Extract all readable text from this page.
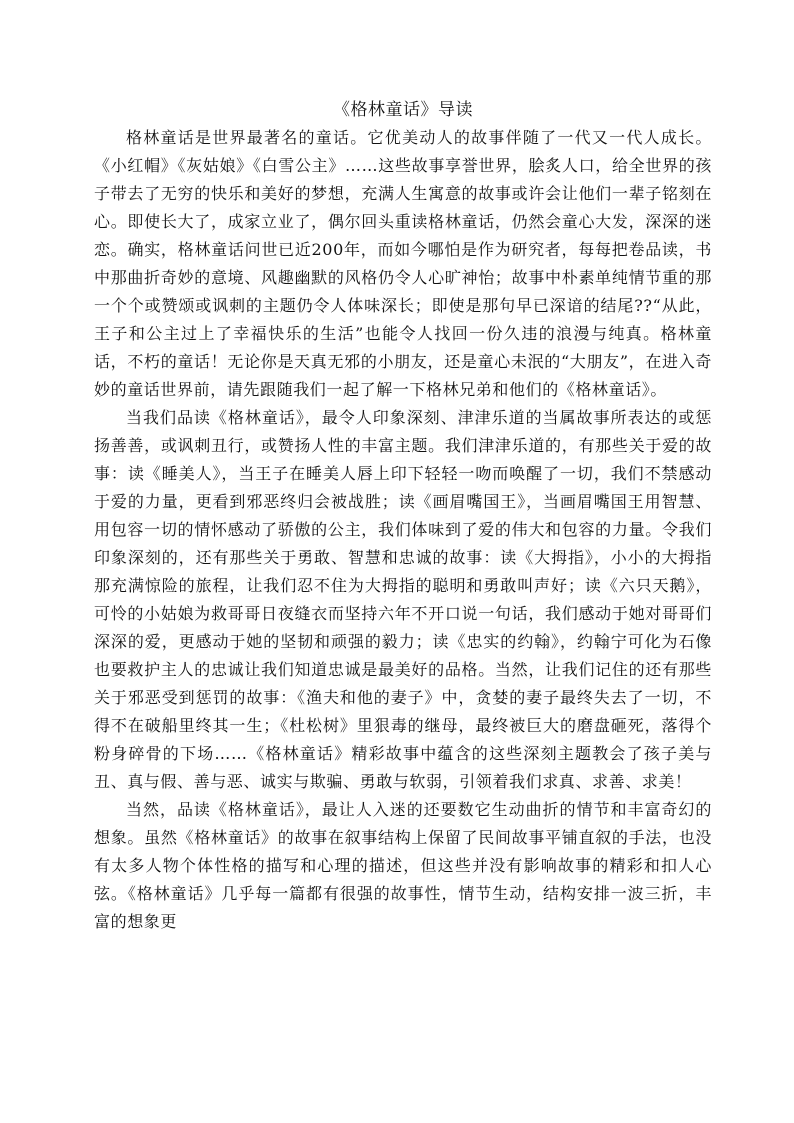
《格林童话》导读

格林童话是世界最著名的童话。它优美动人的故事伴随了一代又一代人成长。《小红帽》《灰姑娘》《白雪公主》……这些故事享誉世界，脍炙人口，给全世界的孩子带去了无穷的快乐和美好的梦想，充满人生寓意的故事或许会让他们一辈子铭刻在心。即使长大了，成家立业了，偶尔回头重读格林童话，仍然会童心大发，深深的迷恋。确实，格林童话问世已近200年，而如今哪怕是作为研究者，每每把卷品读，书中那曲折奇妙的意境、风趣幽默的风格仍令人心旷神怡；故事中朴素单纯情节重的那一个个或赞颂或讽刺的主题仍令人体味深长；即使是那句早已深谙的结尾??“从此，王子和公主过上了幸福快乐的生活”也能令人找回一份久违的浪漫与纯真。格林童话，不朽的童话！无论你是天真无邪的小朋友，还是童心未泯的“大朋友”，在进入奇妙的童话世界前，请先跟随我们一起了解一下格林兄弟和他们的《格林童话》。

当我们品读《格林童话》，最令人印象深刻、津津乐道的当属故事所表达的或惩扬善善，或讽刺丑行，或赞扬人性的丰富主题。我们津津乐道的，有那些关于爱的故事：读《睡美人》，当王子在睡美人唇上印下轻轻一吻而唤醒了一切，我们不禁感动于爱的力量，更看到邪恶终归会被战胜；读《画眉嘴国王》，当画眉嘴国王用智慧、用包容一切的情怀感动了骄傲的公主，我们体味到了爱的伟大和包容的力量。令我们印象深刻的，还有那些关于勇敢、智慧和忠诚的故事：读《大拇指》，小小的大拇指那充满惊险的旅程，让我们忍不住为大拇指的聪明和勇敢叫声好；读《六只天鹅》，可怜的小姑娘为救哥哥日夜缝衣而坚持六年不开口说一句话，我们感动于她对哥哥们深深的爱，更感动于她的坚韧和顽强的毅力；读《忠实的约翰》，约翰宁可化为石像也要救护主人的忠诚让我们知道忠诚是最美好的品格。当然，让我们记住的还有那些关于邪恶受到惩罚的故事：《渔夫和他的妻子》中，贪婪的妻子最终失去了一切，不得不在破船里终其一生；《杜松树》里狠毒的继母，最终被巨大的磨盘砸死，落得个粉身碎骨的下场……《格林童话》精彩故事中蕴含的这些深刻主题教会了孩子美与丑、真与假、善与恶、诚实与欺骗、勇敢与软弱，引领着我们求真、求善、求美！

当然，品读《格林童话》，最让人入迷的还要数它生动曲折的情节和丰富奇幻的想象。虽然《格林童话》的故事在叙事结构上保留了民间故事平铺直叙的手法，也没有太多人物个体性格的描写和心理的描述，但这些并没有影响故事的精彩和扣人心弦。《格林童话》几乎每一篇都有很强的故事性，情节生动，结构安排一波三折，丰富的想象更
